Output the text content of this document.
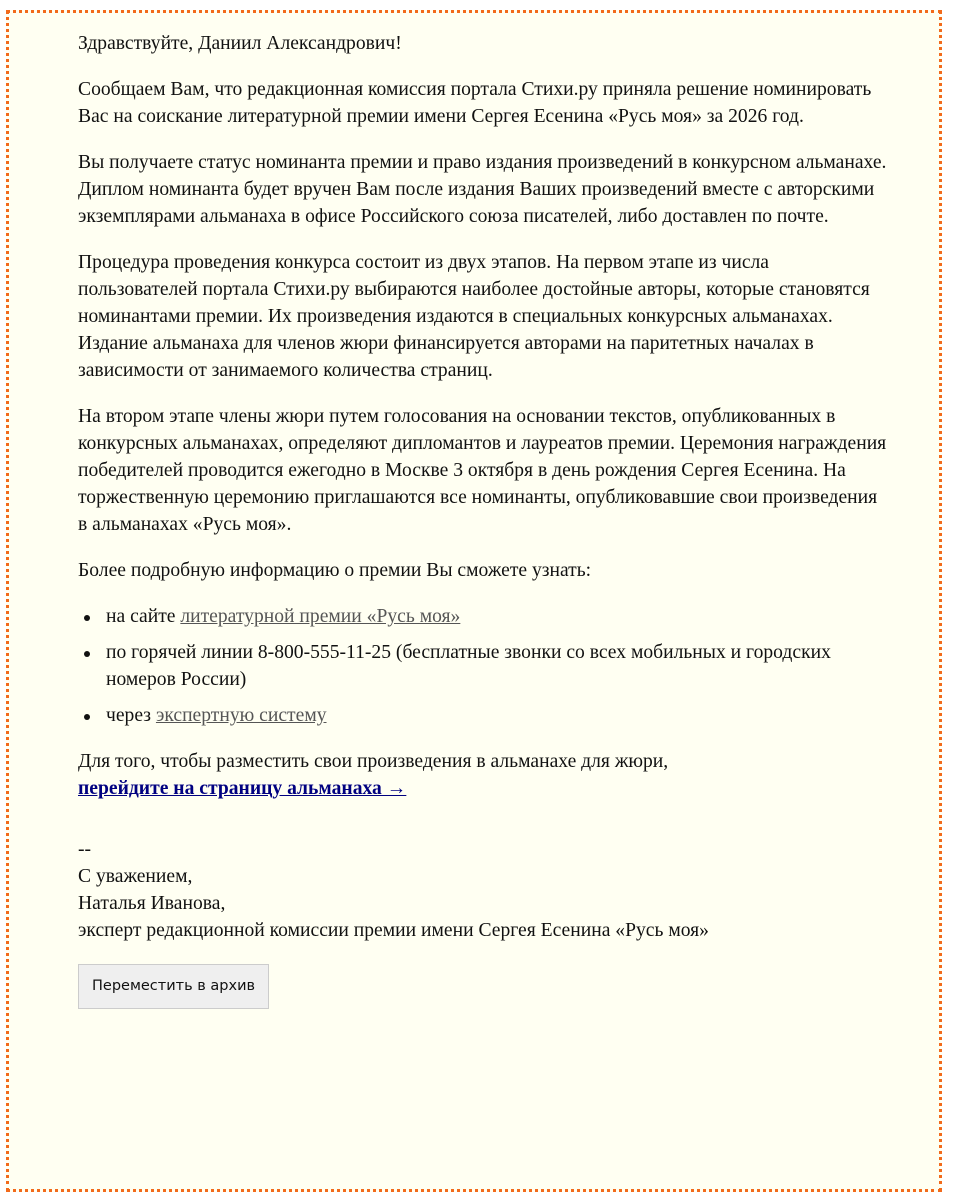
Здравствуйте, Даниил Александрович!

Сообщаем Вам, что редакционная комиссия портала Стихи.ру приняла решение номинировать Вас на соискание литературной премии имени Сергея Есенина «Русь моя» за 2026 год.

Вы получаете статус номинанта премии и право издания произведений в конкурсном альманахе. Диплом номинанта будет вручен Вам после издания Ваших произведений вместе с авторскими экземплярами альманаха в офисе Российского союза писателей, либо доставлен по почте.

Процедура проведения конкурса состоит из двух этапов. На первом этапе из числа пользователей портала Стихи.ру выбираются наиболее достойные авторы, которые становятся номинантами премии. Их произведения издаются в специальных конкурсных альманахах. Издание альманаха для членов жюри финансируется авторами на паритетных началах в зависимости от занимаемого количества страниц.

На втором этапе члены жюри путем голосования на основании текстов, опубликованных в конкурсных альманахах, определяют дипломантов и лауреатов премии. Церемония награждения победителей проводится ежегодно в Москве 3 октября в день рождения Сергея Есенина. На торжественную церемонию приглашаются все номинанты, опубликовавшие свои произведения в альманахах «Русь моя».

Более подробную информацию о премии Вы сможете узнать:

на сайте литературной премии «Русь моя»
по горячей линии 8-800-555-11-25 (бесплатные звонки со всех мобильных и городских номеров России)
через экспертную систему

Для того, чтобы разместить свои произведения в альманахе для жюри,
перейдите на страницу альманаха →

--
С уважением,
Наталья Иванова,
эксперт редакционной комиссии премии имени Сергея Есенина «Русь моя»
Переместить в архив
